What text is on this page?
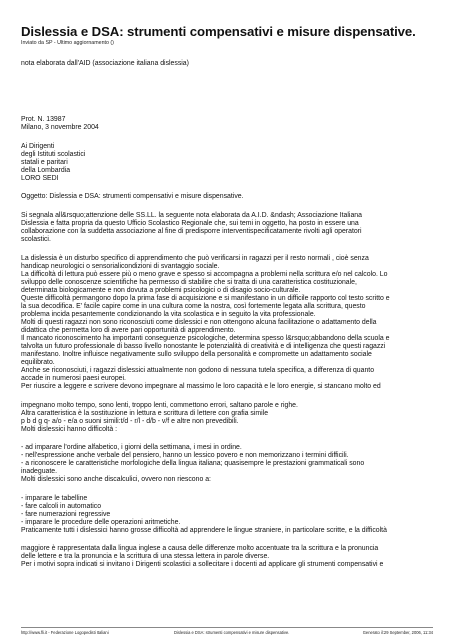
Dislessia e DSA: strumenti compensativi e misure dispensative.
Inviato da SP - Ultimo aggiornamento ()
nota elaborata dall'AID (associazione italiana dislessia)
Prot. N. 13987
Milano, 3 novembre 2004
Ai Dirigenti
degli Istituti scolastici
statali e paritari
della Lombardia
LORO SEDI
Oggetto: Dislessia e DSA: strumenti compensativi e misure dispensative.
Si segnala all&rsquo;attenzione delle SS.LL. la seguente nota elaborata da A.I.D. &ndash; Associazione Italiana
Dislessia e fatta propria da questo Ufficio Scolastico Regionale che, sui temi in oggetto, ha posto in essere una
collaborazione con la suddetta associazione al fine di predisporre interventispecificatamente rivolti agli operatori
scolastici.
La dislessia è un disturbo specifico di apprendimento che può verificarsi in ragazzi per il resto normali , cioè senza
handicap neurologici o sensorialicondizioni di svantaggio sociale.
La difficoltà di lettura può essere più o meno grave e spesso si accompagna a problemi nella scrittura e/o nel calcolo. Lo
sviluppo delle conoscenze scientifiche ha permesso di stabilire che si tratta di una caratteristica costituzionale,
determinata biologicamente e non dovuta a problemi psicologici o di disagio socio-culturale.
Queste difficoltà permangono dopo la prima fase di acquisizione e si manifestano in un difficile rapporto col testo scritto e
la sua decodifica. E' facile capire come in una cultura come la nostra, così fortemente legata alla scrittura, questo
problema incida pesantemente condizionando la vita scolastica e in seguito la vita professionale.
Molti di questi ragazzi non sono riconosciuti come dislessici e non ottengono alcuna facilitazione o adattamento della
didattica che permetta loro di avere pari opportunità di apprendimento.
Il mancato riconoscimento ha importanti conseguenze psicologiche, determina spesso l&rsquo;abbandono della scuola e
talvolta un futuro professionale di basso livello nonostante le potenzialità di creatività e di intelligenza che questi ragazzi
manifestano. Inoltre influisce negativamente sullo sviluppo della personalità e compromette un adattamento sociale
equilibrato.
Anche se riconosciuti, i ragazzi dislessici attualmente non godono di nessuna tutela specifica, a differenza di quanto
accade in numerosi paesi europei.
Per riuscire a leggere e scrivere devono impegnare al massimo le loro capacità e le loro energie, si stancano molto ed
impegnano molto tempo, sono lenti, troppo lenti, commettono errori, saltano parole e righe.
Altra caratteristica è la sostituzione in lettura e scrittura di lettere con grafia simile
p b d g q- a/o - e/a o suoni simili:t/d - r/l - d/b - v/f e altre non prevedibili.
Molti dislessici hanno difficoltà :
- ad imparare l'ordine alfabetico, i giorni della settimana, i mesi in ordine.
- nell'espressione anche verbale del pensiero, hanno un lessico povero e non memorizzano i termini difficili.
- a riconoscere le caratteristiche morfologiche della lingua italiana; quasisempre le prestazioni grammaticali sono
inadeguate.
Molti dislessici sono anche discalculici, ovvero non riescono a:
- imparare le tabelline
- fare calcoli in automatico
- fare numerazioni regressive
- imparare le procedure delle operazioni aritmetiche.
Praticamente tutti i dislessici hanno grosse difficoltà ad apprendere le lingue straniere, in particolare scritte, e la difficoltà
maggiore è rappresentata dalla lingua inglese a causa delle differenze molto accentuate tra la scrittura e la pronuncia
delle lettere e tra la pronuncia e la scrittura di una stessa lettera in parole diverse.
Per i motivi sopra indicati si invitano i Dirigenti scolastici a sollecitare i docenti ad applicare gli strumenti compensativi e
http://www.fli.it - Federazione Logopedisti Italiani	Dislessia e DSA: strumenti compensativi e misure dispensative.	Generato il:29 September, 2006, 11:34
